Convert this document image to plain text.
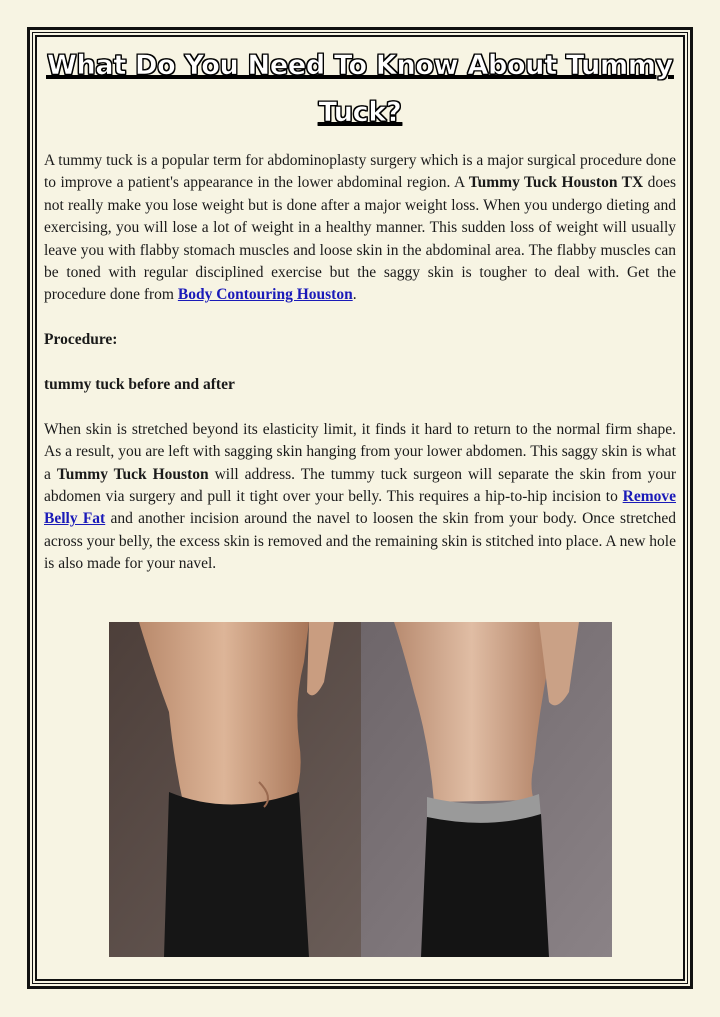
What Do You Need To Know About Tummy Tuck?

A tummy tuck is a popular term for abdominoplasty surgery which is a major surgical procedure done to improve a patient's appearance in the lower abdominal region. A Tummy Tuck Houston TX does not really make you lose weight but is done after a major weight loss. When you undergo dieting and exercising, you will lose a lot of weight in a healthy manner. This sudden loss of weight will usually leave you with flabby stomach muscles and loose skin in the abdominal area. The flabby muscles can be toned with regular disciplined exercise but the saggy skin is tougher to deal with. Get the procedure done from Body Contouring Houston.

Procedure:

tummy tuck before and after

When skin is stretched beyond its elasticity limit, it finds it hard to return to the normal firm shape. As a result, you are left with sagging skin hanging from your lower abdomen. This saggy skin is what a Tummy Tuck Houston will address. The tummy tuck surgeon will separate the skin from your abdomen via surgery and pull it tight over your belly. This requires a hip-to-hip incision to Remove Belly Fat and another incision around the navel to loosen the skin from your body. Once stretched across your belly, the excess skin is removed and the remaining skin is stitched into place. A new hole is also made for your navel.
